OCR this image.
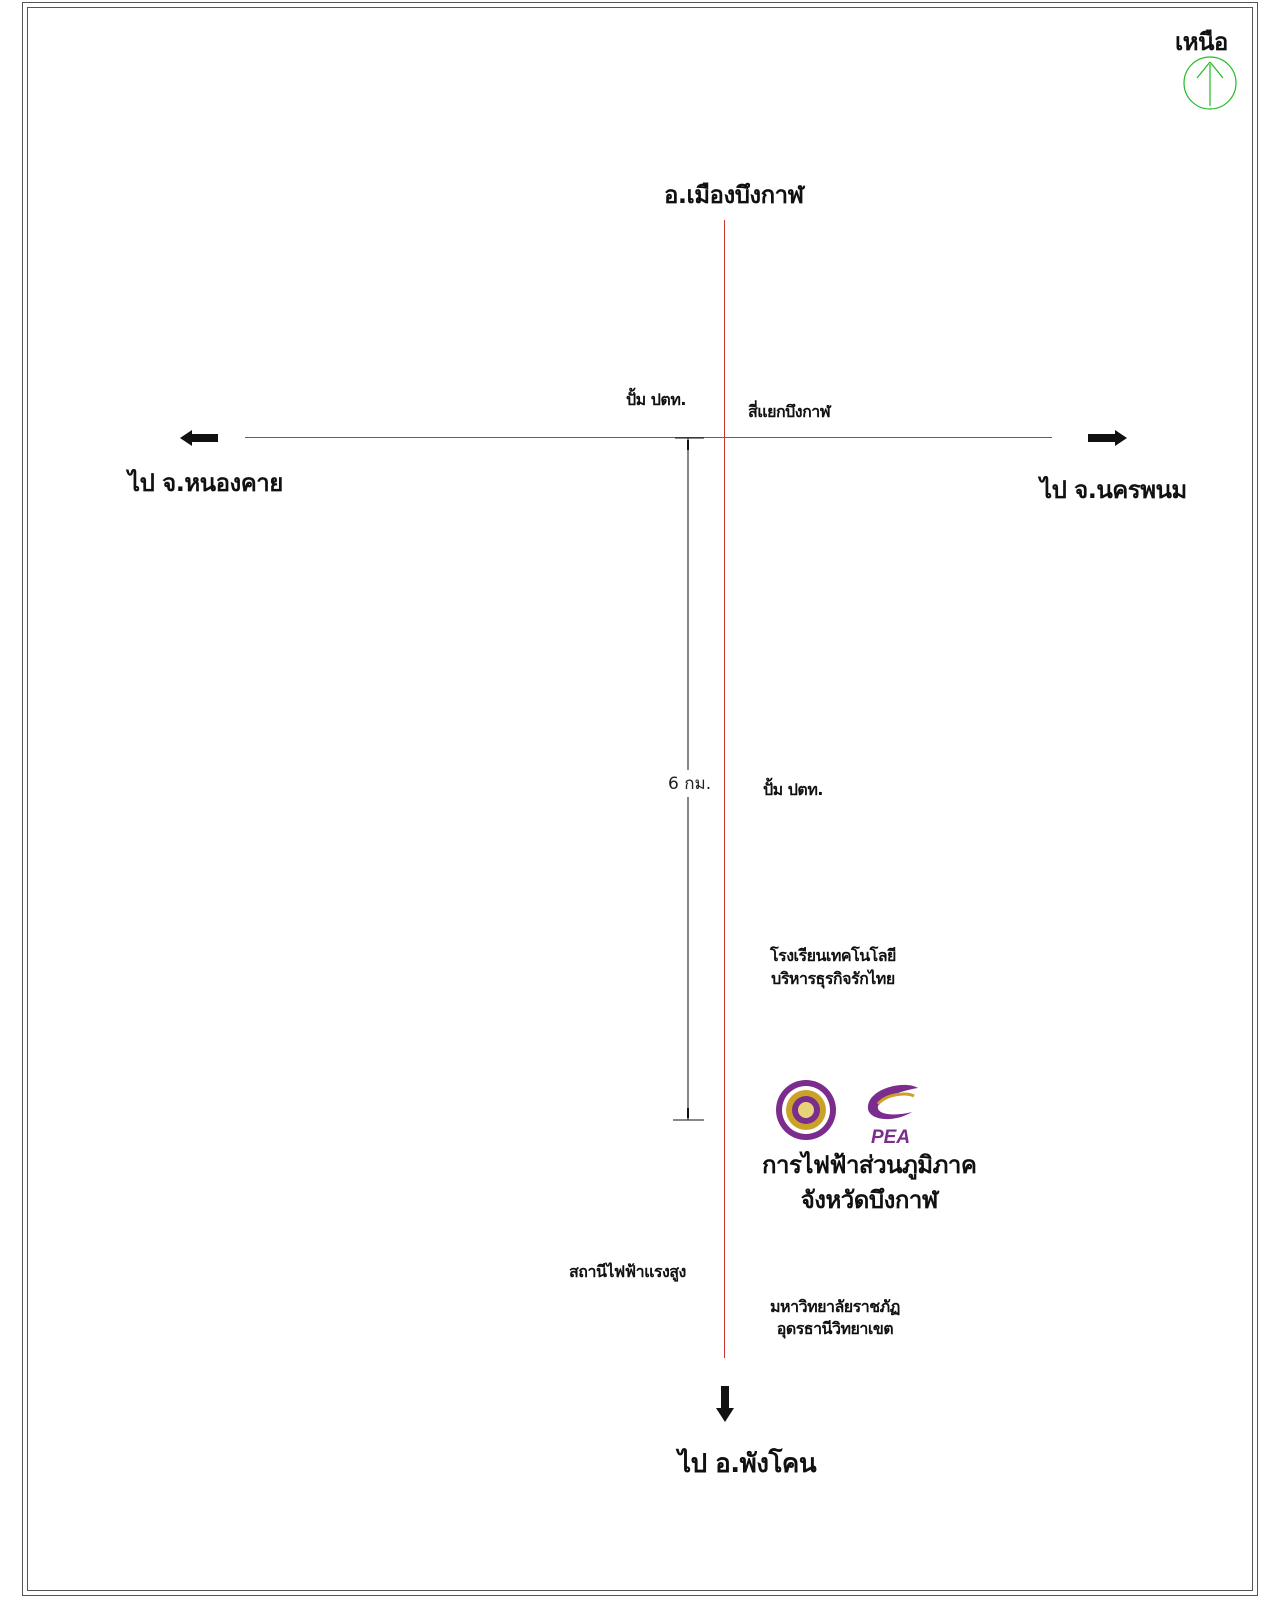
PEA
เหนือ
อ.เมืองบึงกาฬ
ไป จ.หนองคาย	ไป จ.นครพนม
ไป อ.พังโคน
ปั้ม ปตท.
สี่แยกบึงกาฬ
6 กม.	ปั้ม ปตท.
โรงเรียนเทคโนโลยี
บริหารธุรกิจรักไทย
การไฟฟ้าส่วนภูมิภาค
จังหวัดบึงกาฬ
สถานีไฟฟ้าแรงสูง
มหาวิทยาลัยราชภัฏ
อุดรธานีวิทยาเขต
